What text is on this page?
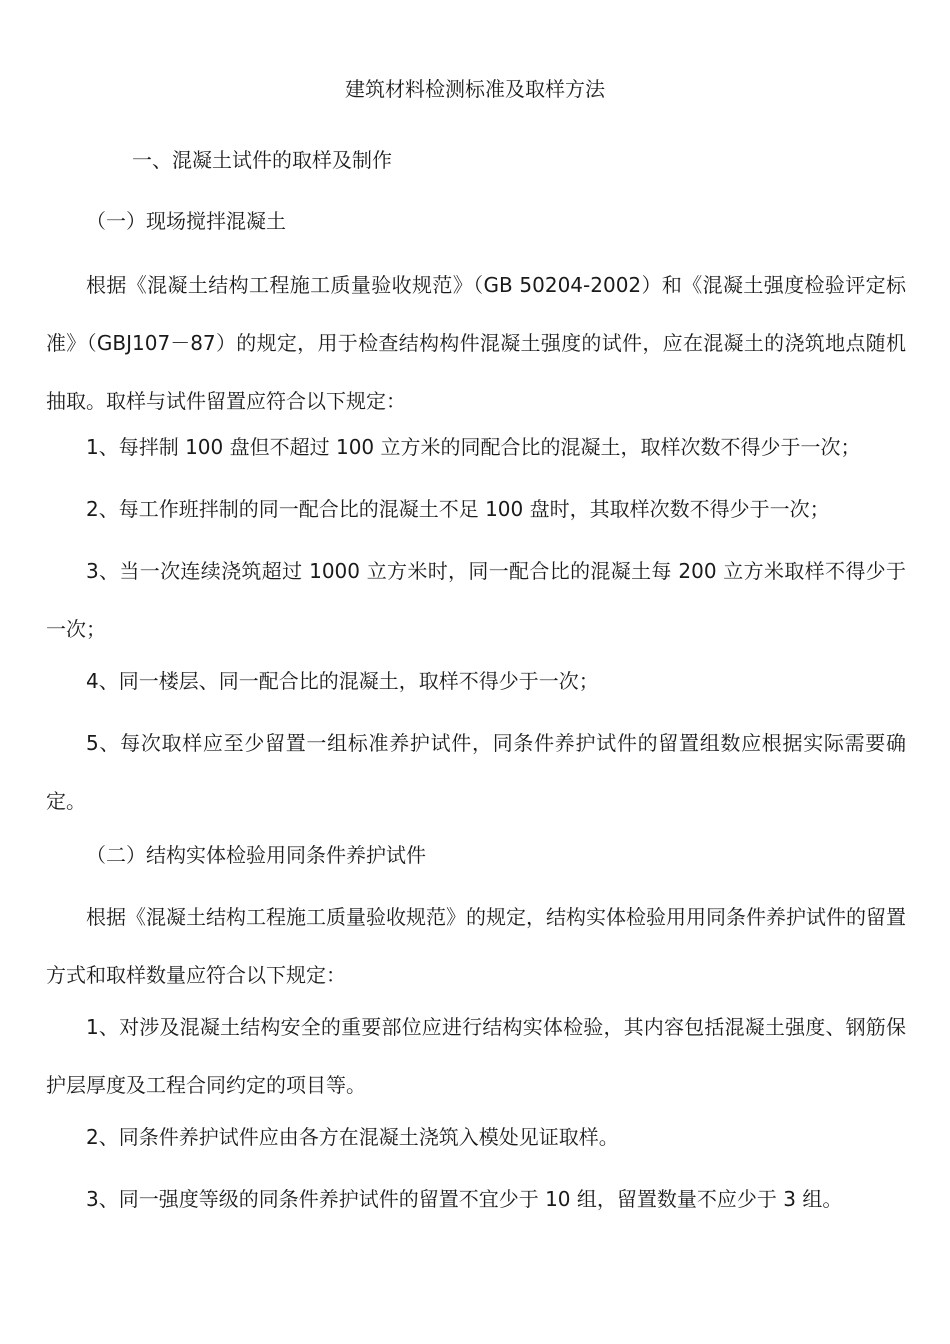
建筑材料检测标准及取样方法
一、混凝土试件的取样及制作
（一）现场搅拌混凝土
根据《混凝土结构工程施工质量验收规范》（GB 50204-2002）和《混凝土强度检验评定标准》（GBJ107－87）的规定，用于检查结构构件混凝土强度的试件，应在混凝土的浇筑地点随机抽取。取样与试件留置应符合以下规定：
1、每拌制 100 盘但不超过 100 立方米的同配合比的混凝土，取样次数不得少于一次；
2、每工作班拌制的同一配合比的混凝土不足 100 盘时，其取样次数不得少于一次；
3、当一次连续浇筑超过 1000 立方米时，同一配合比的混凝土每 200 立方米取样不得少于一次；
4、同一楼层、同一配合比的混凝土，取样不得少于一次；
5、每次取样应至少留置一组标准养护试件，同条件养护试件的留置组数应根据实际需要确定。
（二）结构实体检验用同条件养护试件
根据《混凝土结构工程施工质量验收规范》的规定，结构实体检验用用同条件养护试件的留置方式和取样数量应符合以下规定：
1、对涉及混凝土结构安全的重要部位应进行结构实体检验，其内容包括混凝土强度、钢筋保护层厚度及工程合同约定的项目等。
2、同条件养护试件应由各方在混凝土浇筑入模处见证取样。
3、同一强度等级的同条件养护试件的留置不宜少于 10 组，留置数量不应少于 3 组。
